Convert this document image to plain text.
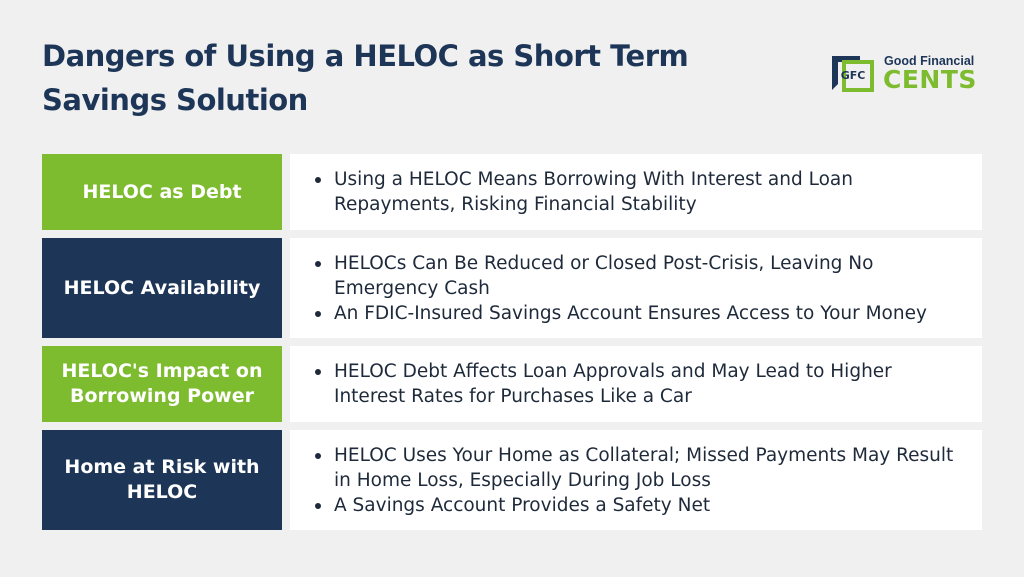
Dangers of Using a HELOC as Short Term
Savings Solution
GFC
Good Financial
CENTS
HELOC as Debt
Using a HELOC Means Borrowing With Interest and Loan Repayments, Risking Financial Stability
HELOC Availability
HELOCs Can Be Reduced or Closed Post-Crisis, Leaving No Emergency Cash
An FDIC-Insured Savings Account Ensures Access to Your Money
HELOC's Impact on Borrowing Power
HELOC Debt Affects Loan Approvals and May Lead to Higher Interest Rates for Purchases Like a Car
Home at Risk with HELOC
HELOC Uses Your Home as Collateral; Missed Payments May Result in Home Loss, Especially During Job Loss
A Savings Account Provides a Safety Net
